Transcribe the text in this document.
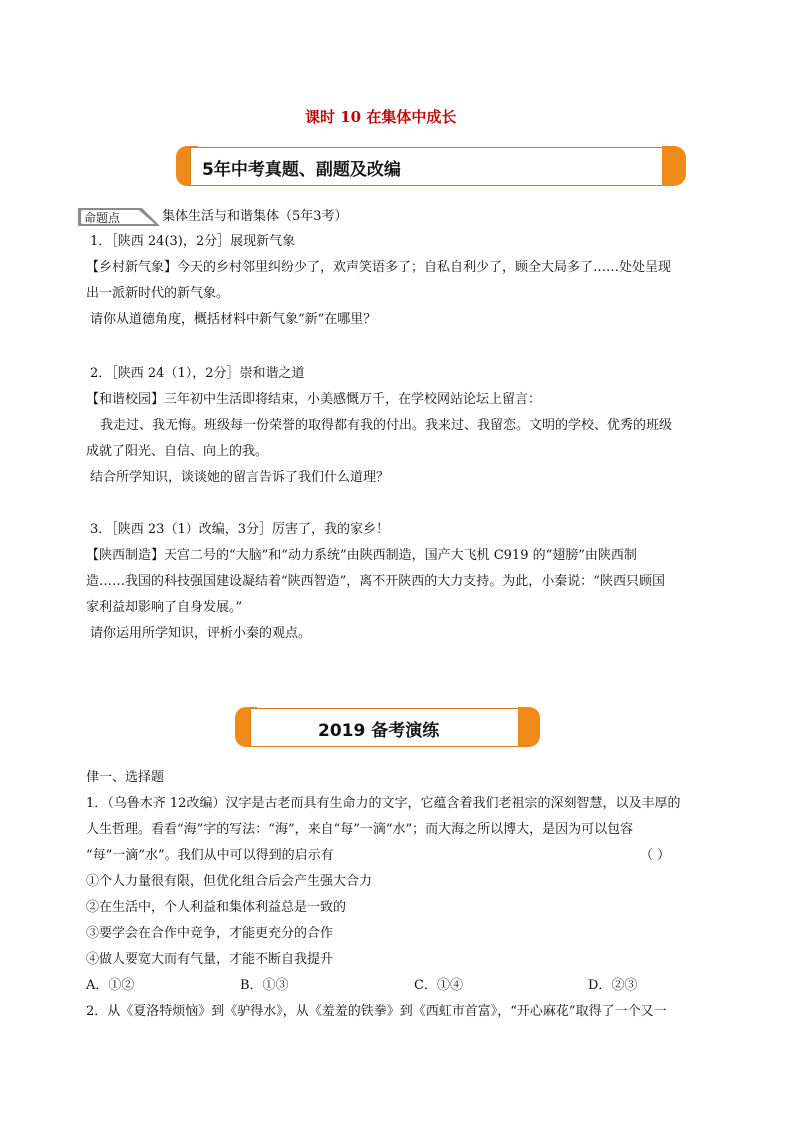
课时 10 在集体中成长
5年中考真题、副题及改编
命题点	集体生活与和谐集体（5年3考）
1．［陕西 24(3)，2分］展现新气象
【乡村新气象】今天的乡村邻里纠纷少了，欢声笑语多了；自私自利少了，顾全大局多了……处处呈现
出一派新时代的新气象。
请你从道德角度，概括材料中新气象“新”在哪里？
2．［陕西 24（1），2分］崇和谐之道
【和谐校园】三年初中生活即将结束，小美感慨万千，在学校网站论坛上留言：
我走过、我无悔。班级每一份荣誉的取得都有我的付出。我来过、我留恋。文明的学校、优秀的班级
成就了阳光、自信、向上的我。
结合所学知识，谈谈她的留言告诉了我们什么道理？
3．［陕西 23（1）改编，3分］厉害了，我的家乡！
【陕西制造】天宫二号的“大脑”和“动力系统”由陕西制造，国产大飞机 C919 的“翅膀”由陕西制
造……我国的科技强国建设凝结着“陕西智造”，离不开陕西的大力支持。为此，小秦说：“陕西只顾国
家利益却影响了自身发展。”
请你运用所学知识，评析小秦的观点。
2019 备考演练
侓一、选择题
1．（乌鲁木齐 12改编）汉字是古老而具有生命力的文字，它蕴含着我们老祖宗的深刻智慧，以及丰厚的
人生哲理。看看“海”字的写法：“海”，来自“每”一滴“水”；而大海之所以博大，是因为可以包容
“每”一滴“水”。我们从中可以得到的启示有	（ ）
①个人力量很有限，但优化组合后会产生强大合力
②在生活中，个人利益和集体利益总是一致的
③要学会在合作中竞争，才能更充分的合作
④做人要宽大而有气量，才能不断自我提升
A．①②	B．①③	C．①④	D．②③
2．从《夏洛特烦恼》到《驴得水》，从《羞羞的铁拳》到《西虹市首富》，“开心麻花”取得了一个又一
